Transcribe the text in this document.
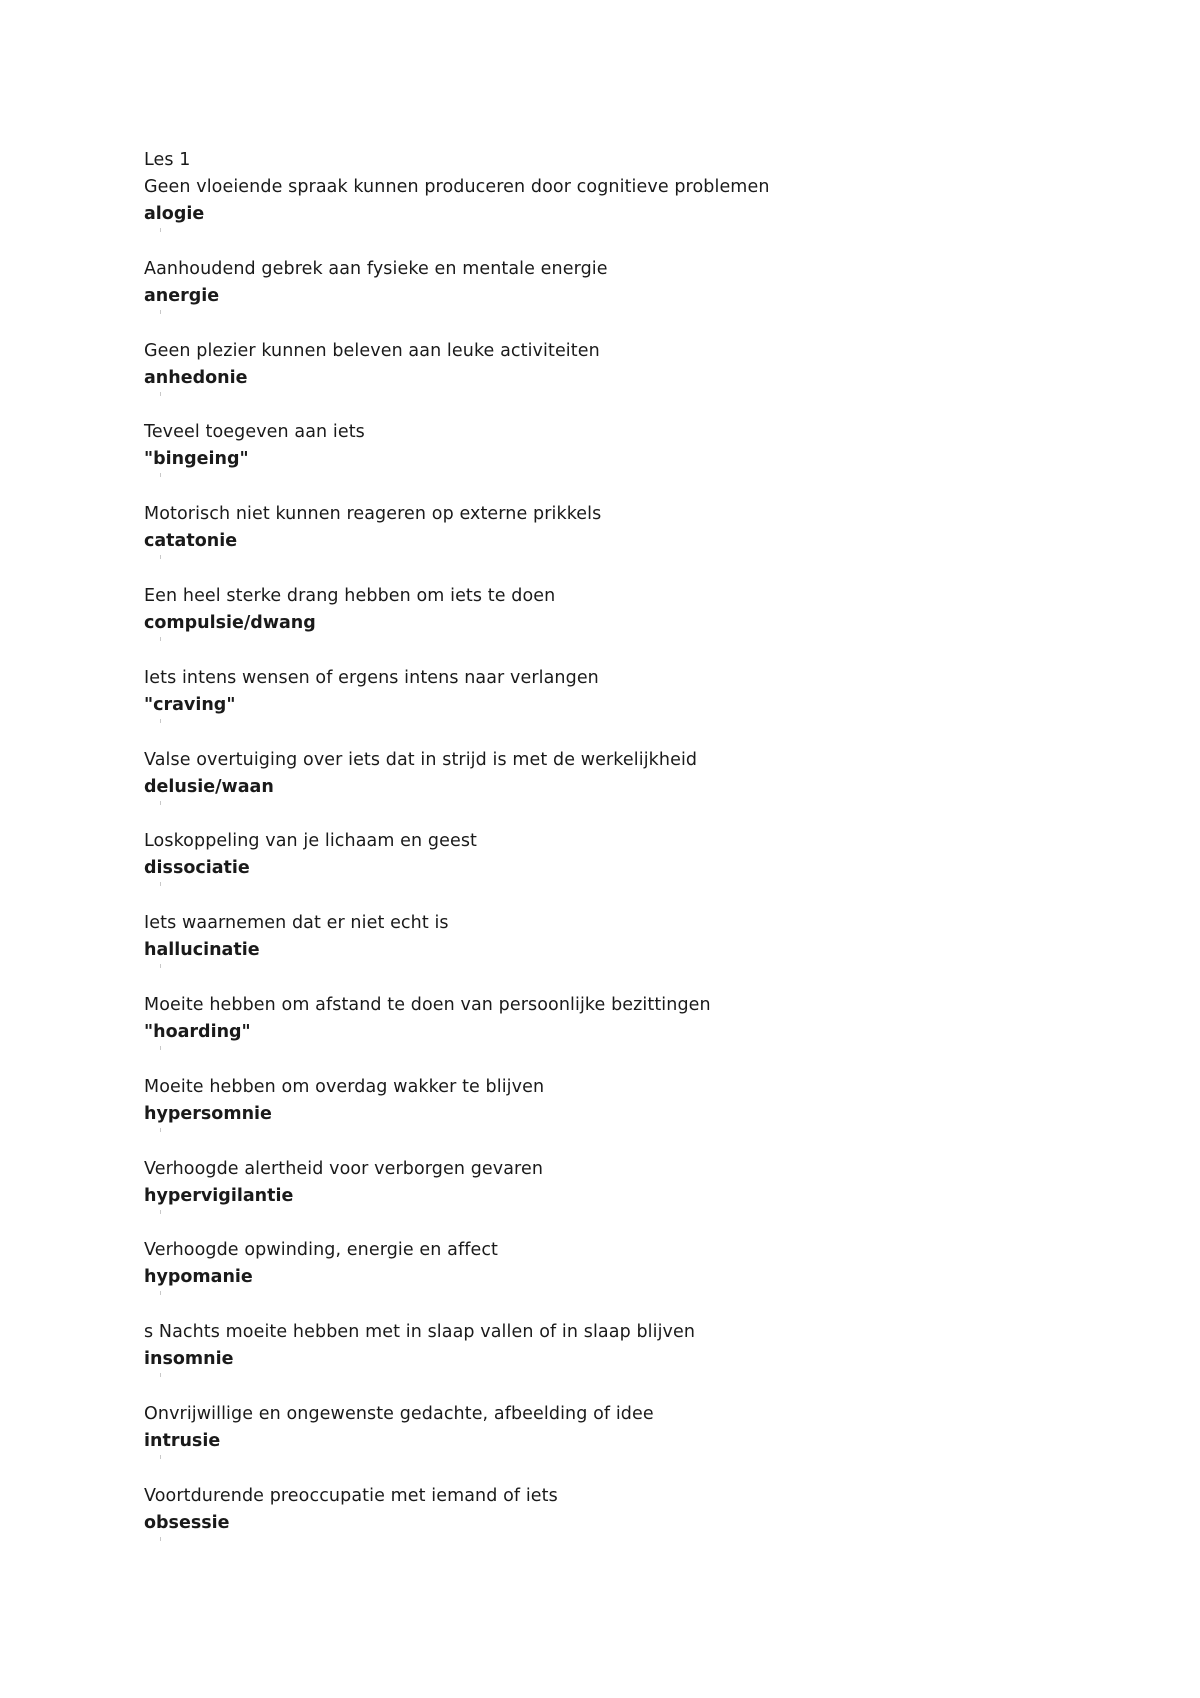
Les 1
Geen vloeiende spraak kunnen produceren door cognitieve problemen
alogie
Aanhoudend gebrek aan fysieke en mentale energie
anergie
Geen plezier kunnen beleven aan leuke activiteiten
anhedonie
Teveel toegeven aan iets
"bingeing"
Motorisch niet kunnen reageren op externe prikkels
catatonie
Een heel sterke drang hebben om iets te doen
compulsie/dwang
Iets intens wensen of ergens intens naar verlangen
"craving"
Valse overtuiging over iets dat in strijd is met de werkelijkheid
delusie/waan
Loskoppeling van je lichaam en geest
dissociatie
Iets waarnemen dat er niet echt is
hallucinatie
Moeite hebben om afstand te doen van persoonlijke bezittingen
"hoarding"
Moeite hebben om overdag wakker te blijven
hypersomnie
Verhoogde alertheid voor verborgen gevaren
hypervigilantie
Verhoogde opwinding, energie en affect
hypomanie
s Nachts moeite hebben met in slaap vallen of in slaap blijven
insomnie
Onvrijwillige en ongewenste gedachte, afbeelding of idee
intrusie
Voortdurende preoccupatie met iemand of iets
obsessie
